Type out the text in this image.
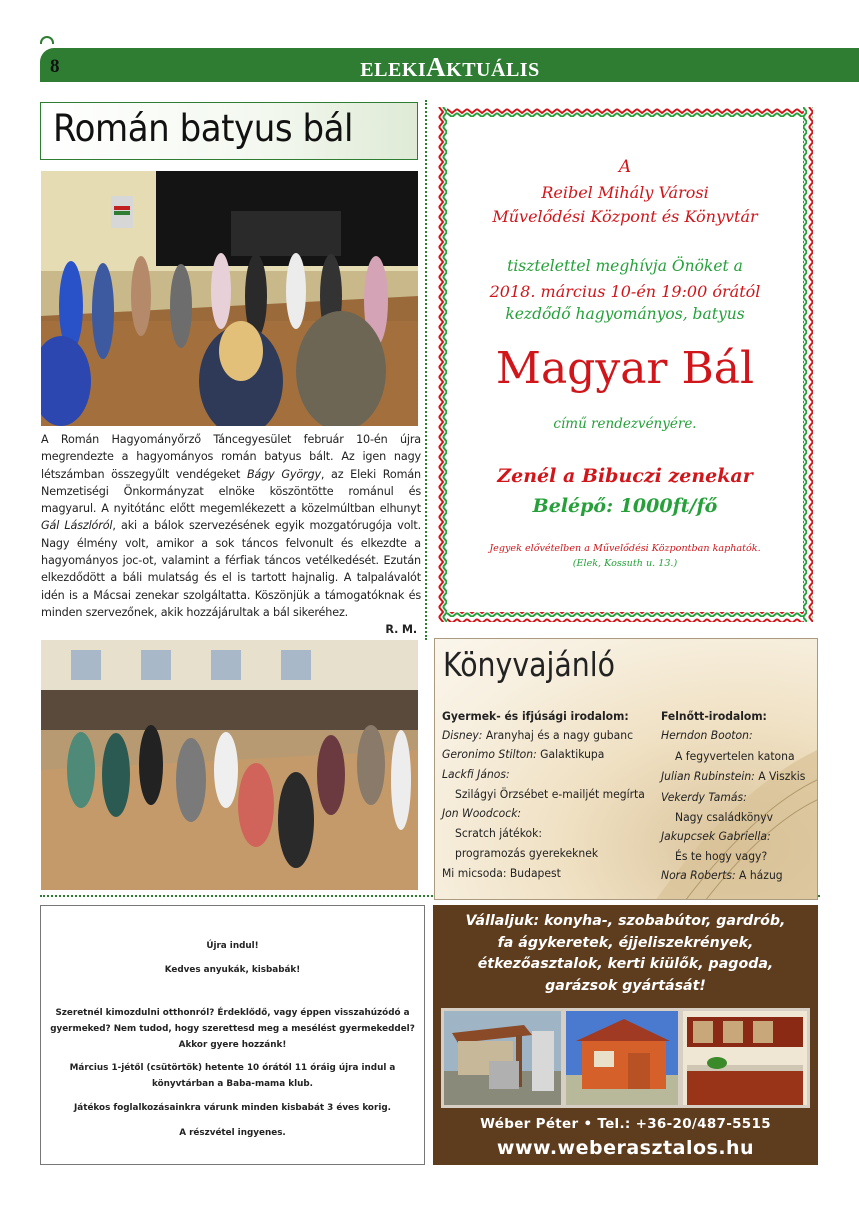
8	ELEKI A KTUÁLIS
Román batyus bál
A Román Hagyományőrző Táncegyesület február 10-én újra megrendezte a hagyományos román batyus bált. Az igen nagy létszámban összegyűlt vendégeket Bágy György, az Eleki Román Nemzetiségi Önkormányzat elnöke köszöntötte románul és magyarul. A nyitótánc előtt megemlékezett a közelmúltban elhunyt Gál Lászlóról, aki a bálok szervezésének egyik mozgatórugója volt. Nagy élmény volt, amikor a sok táncos felvonult és elkezdte a hagyományos joc-ot, valamint a férfiak táncos vetélkedését. Ezután elkezdődött a báli mulatság és el is tartott hajnalig. A talpalávalót idén is a Mácsai zenekar szolgáltatta. Köszönjük a támogatóknak és minden szervezőnek, akik hozzájárultak a bál sikeréhez.
R. M.
A
Reibel Mihály Városi
Művelődési Központ és Könyvtár
tisztelettel meghívja Önöket a
2018. március 10-én 19:00 órától
kezdődő hagyományos, batyus
Magyar Bál
című rendezvényére.
Zenél a Bibuczi zenekar
Belépő: 1000ft/fő
Jegyek elővételben a Művelődési Központban kaphatók.
(Elek, Kossuth u. 13.)
Könyvajánló
Gyermek- és ifjúsági irodalom:	Felnőtt-irodalom:
Disney: Aranyhaj és a nagy gubanc
Geronimo Stilton: Galaktikupa
Lackfi János:
Szilágyi Örzsébet e-mailjét megírta
Jon Woodcock:
Scratch játékok:
programozás gyerekeknek
Mi micsoda: Budapest
Herndon Booton:
A fegyvertelen katona
Julian Rubinstein: A Viszkis
Vekerdy Tamás:
Nagy családkönyv
Jakupcsek Gabriella:
És te hogy vagy?
Nora Roberts: A házug
Újra indul!
Kedves anyukák, kisbabák!
Szeretnél kimozdulni otthonról? Érdeklődő, vagy éppen visszahúzódó a
gyermeked? Nem tudod, hogy szerettesd meg a mesélést gyermekeddel?
Akkor gyere hozzánk!
Március 1-jétől (csütörtök) hetente 10 órától 11 óráig újra indul a
könyvtárban a Baba-mama klub.
Játékos foglalkozásainkra várunk minden kisbabát 3 éves korig.
A részvétel ingyenes.
Vállaljuk: konyha-, szobabútor, gardrób,
fa ágykeretek, éjjeliszekrények,
étkezőasztalok, kerti kiülők, pagoda,
garázsok gyártását!
Wéber Péter • Tel.: +36-20/487-5515
www.weberasztalos.hu
